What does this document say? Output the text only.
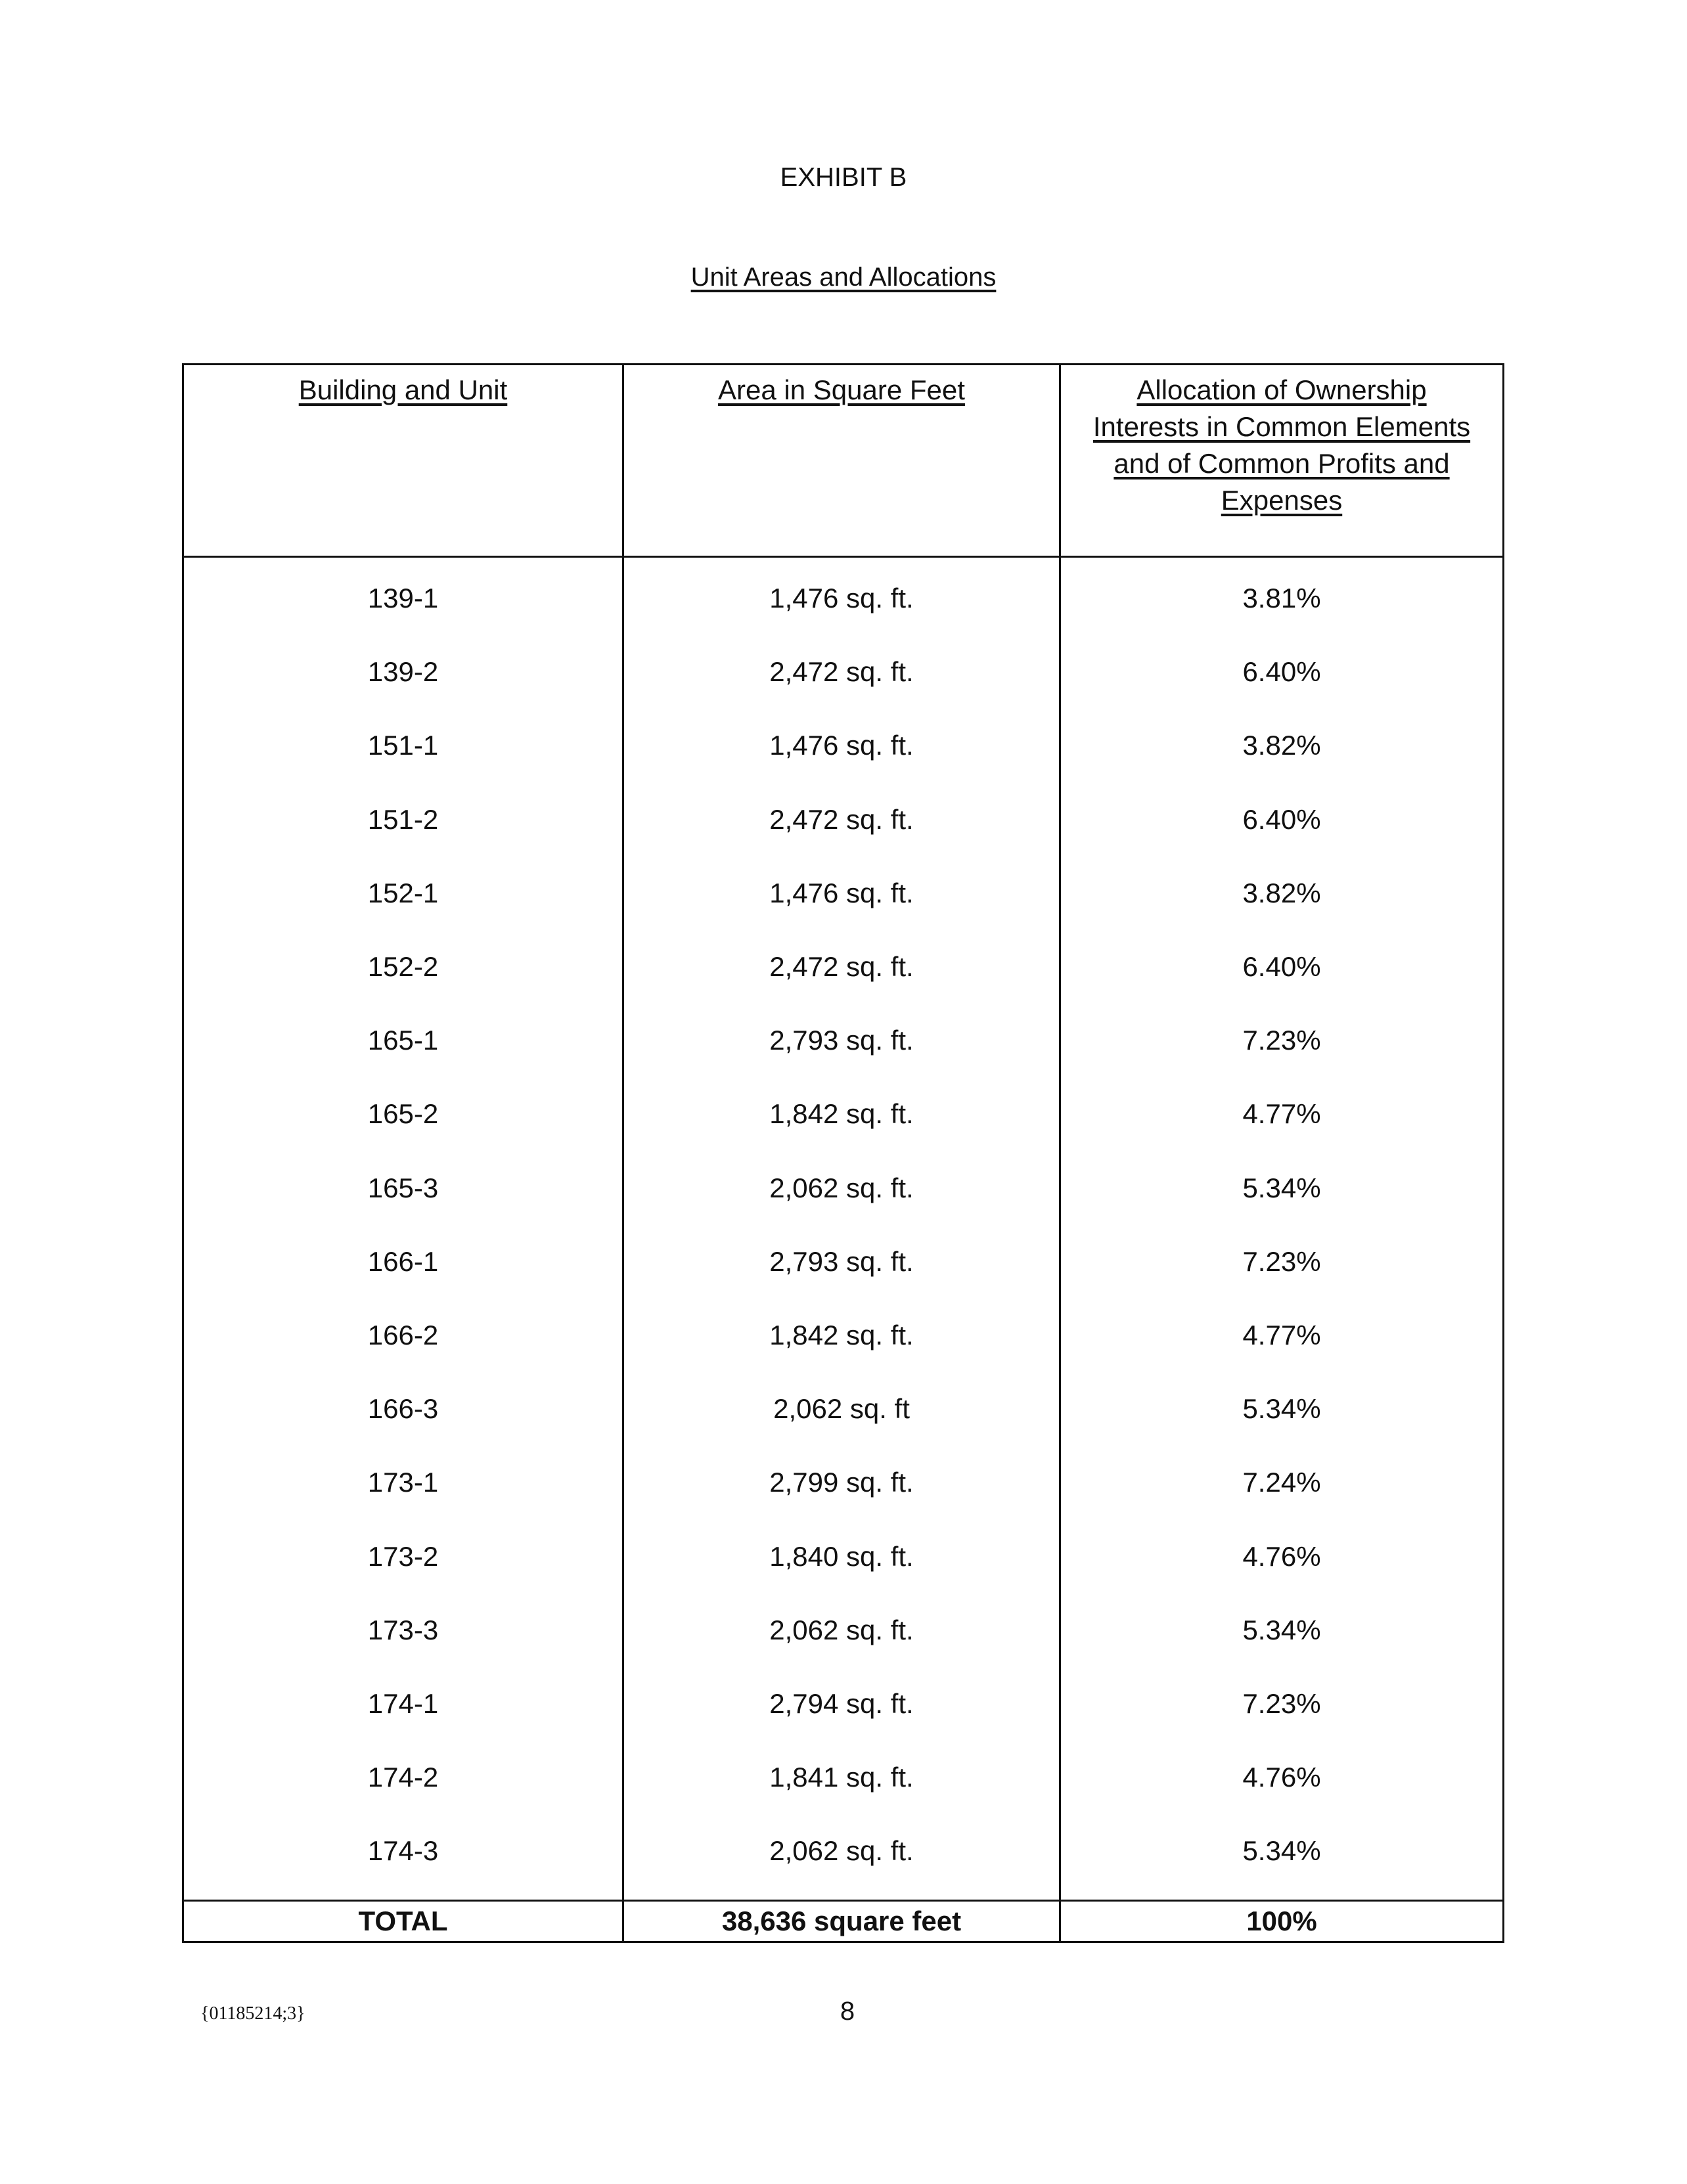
EXHIBIT B
Unit Areas and Allocations
Building and Unit	Area in Square Feet	Allocation of Ownership Interests in Common Elements and of Common Profits and Expenses
139-1	1,476 sq. ft.	3.81%
139-2	2,472 sq. ft.	6.40%
151-1	1,476 sq. ft.	3.82%
151-2	2,472 sq. ft.	6.40%
152-1	1,476 sq. ft.	3.82%
152-2	2,472 sq. ft.	6.40%
165-1	2,793 sq. ft.	7.23%
165-2	1,842 sq. ft.	4.77%
165-3	2,062 sq. ft.	5.34%
166-1	2,793 sq. ft.	7.23%
166-2	1,842 sq. ft.	4.77%
166-3	2,062 sq. ft	5.34%
173-1	2,799 sq. ft.	7.24%
173-2	1,840 sq. ft.	4.76%
173-3	2,062 sq. ft.	5.34%
174-1	2,794 sq. ft.	7.23%
174-2	1,841 sq. ft.	4.76%
174-3	2,062 sq. ft.	5.34%

TOTAL	38,636 square feet	100%
{01185214;3}	8
